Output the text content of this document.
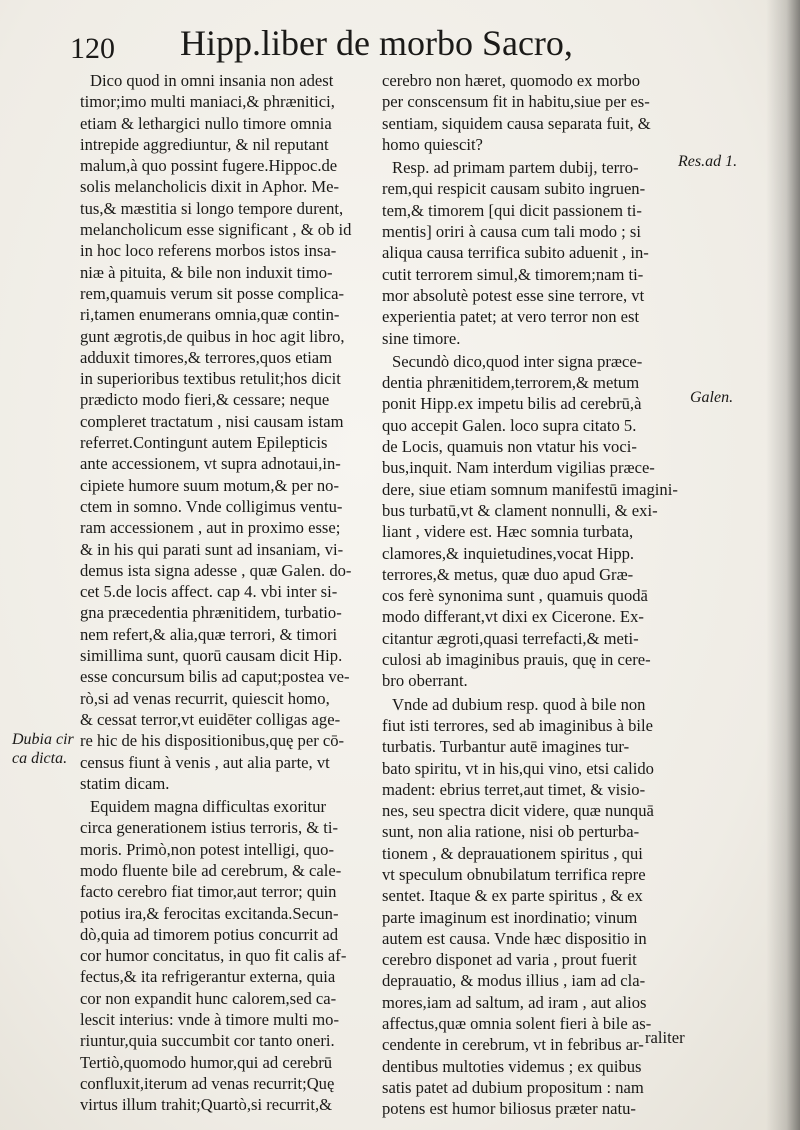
120 Hipp.liber de morbo Sacro,
Dico quod in omni insania non adest
timor;imo multi maniaci,& phrænitici,
etiam & lethargici nullo timore omnia
intrepide aggrediuntur, & nil reputant
malum,à quo possint fugere.Hippoc.de
solis melancholicis dixit in Aphor. Me-
tus,& mæstitia si longo tempore durent,
melancholicum esse significant , & ob id
in hoc loco referens morbos istos insa-
niæ à pituita, & bile non induxit timo-
rem,quamuis verum sit posse complica-
ri,tamen enumerans omnia,quæ contin-
gunt ægrotis,de quibus in hoc agit libro,
adduxit timores,& terrores,quos etiam
in superioribus textibus retulit;hos dicit
prædicto modo fieri,& cessare; neque
compleret tractatum , nisi causam istam
referret.Contingunt autem Epilepticis
ante accessionem, vt supra adnotaui,in-
cipiete humore suum motum,& per no-
ctem in somno. Vnde colligimus ventu-
ram accessionem , aut in proximo esse;
& in his qui parati sunt ad insaniam, vi-
demus ista signa adesse , quæ Galen. do-
cet 5.de locis affect. cap 4. vbi inter si-
gna præcedentia phrænitidem, turbatio-
nem refert,& alia,quæ terrori, & timori
simillima sunt, quorū causam dicit Hip.
esse concursum bilis ad caput;postea ve-
rò,si ad venas recurrit, quiescit homo,
& cessat terror,vt euidēter colligas age-
re hic de his dispositionibus,quę per cō-
census fiunt à venis , aut alia parte, vt
statim dicam.
Equidem magna difficultas exoritur
circa generationem istius terroris, & ti-
moris. Primò,non potest intelligi, quo-
modo fluente bile ad cerebrum, & cale-
facto cerebro fiat timor,aut terror; quin
potius ira,& ferocitas excitanda.Secun-
dò,quia ad timorem potius concurrit ad
cor humor concitatus, in quo fit calis af-
fectus,& ita refrigerantur externa, quia
cor non expandit hunc calorem,sed ca-
lescit interius: vnde à timore multi mo-
riuntur,quia succumbit cor tanto oneri.
Tertiò,quomodo humor,qui ad cerebrū
confluxit,iterum ad venas recurrit;Quę
virtus illum trahit;Quartò,si recurrit,&
cerebro non hæret, quomodo ex morbo
per conscensum fit in habitu,siue per es-
sentiam, siquidem causa separata fuit, &
homo quiescit?
Resp. ad primam partem dubij, terro-
rem,qui respicit causam subito ingruen-
tem,& timorem [qui dicit passionem ti-
mentis] oriri à causa cum tali modo ; si
aliqua causa terrifica subito aduenit , in-
cutit terrorem simul,& timorem;nam ti-
mor absolutè potest esse sine terrore, vt
experientia patet; at vero terror non est
sine timore.
Secundò dico,quod inter signa præce-
dentia phrænitidem,terrorem,& metum
ponit Hipp.ex impetu bilis ad cerebrū,à
quo accepit Galen. loco supra citato 5.
de Locis, quamuis non vtatur his voci-
bus,inquit. Nam interdum vigilias præce-
dere, siue etiam somnum manifestū imagini-
bus turbatū,vt & clament nonnulli, & exi-
liant , videre est. Hæc somnia turbata,
clamores,& inquietudines,vocat Hipp.
terrores,& metus, quæ duo apud Græ-
cos ferè synonima sunt , quamuis quodā
modo differant,vt dixi ex Cicerone. Ex-
citantur ægroti,quasi terrefacti,& meti-
culosi ab imaginibus prauis, quę in cere-
bro oberrant.
Vnde ad dubium resp. quod à bile non
fiut isti terrores, sed ab imaginibus à bile
turbatis. Turbantur autē imagines tur-
bato spiritu, vt in his,qui vino, etsi calido
madent: ebrius terret,aut timet, & visio-
nes, seu spectra dicit videre, quæ nunquā
sunt, non alia ratione, nisi ob perturba-
tionem , & deprauationem spiritus , qui
vt speculum obnubilatum terrifica repre
sentet. Itaque & ex parte spiritus , & ex
parte imaginum est inordinatio; vinum
autem est causa. Vnde hæc dispositio in
cerebro disponet ad varia , prout fuerit
deprauatio, & modus illius , iam ad cla-
mores,iam ad saltum, ad iram , aut alios
affectus,quæ omnia solent fieri à bile as-
cendente in cerebrum, vt in febribus ar-
dentibus multoties videmus ; ex quibus
satis patet ad dubium propositum : nam
potens est humor biliosus præter natu-
Res.ad 1.
Galen.
Dubia cir ca dicta.
raliter
